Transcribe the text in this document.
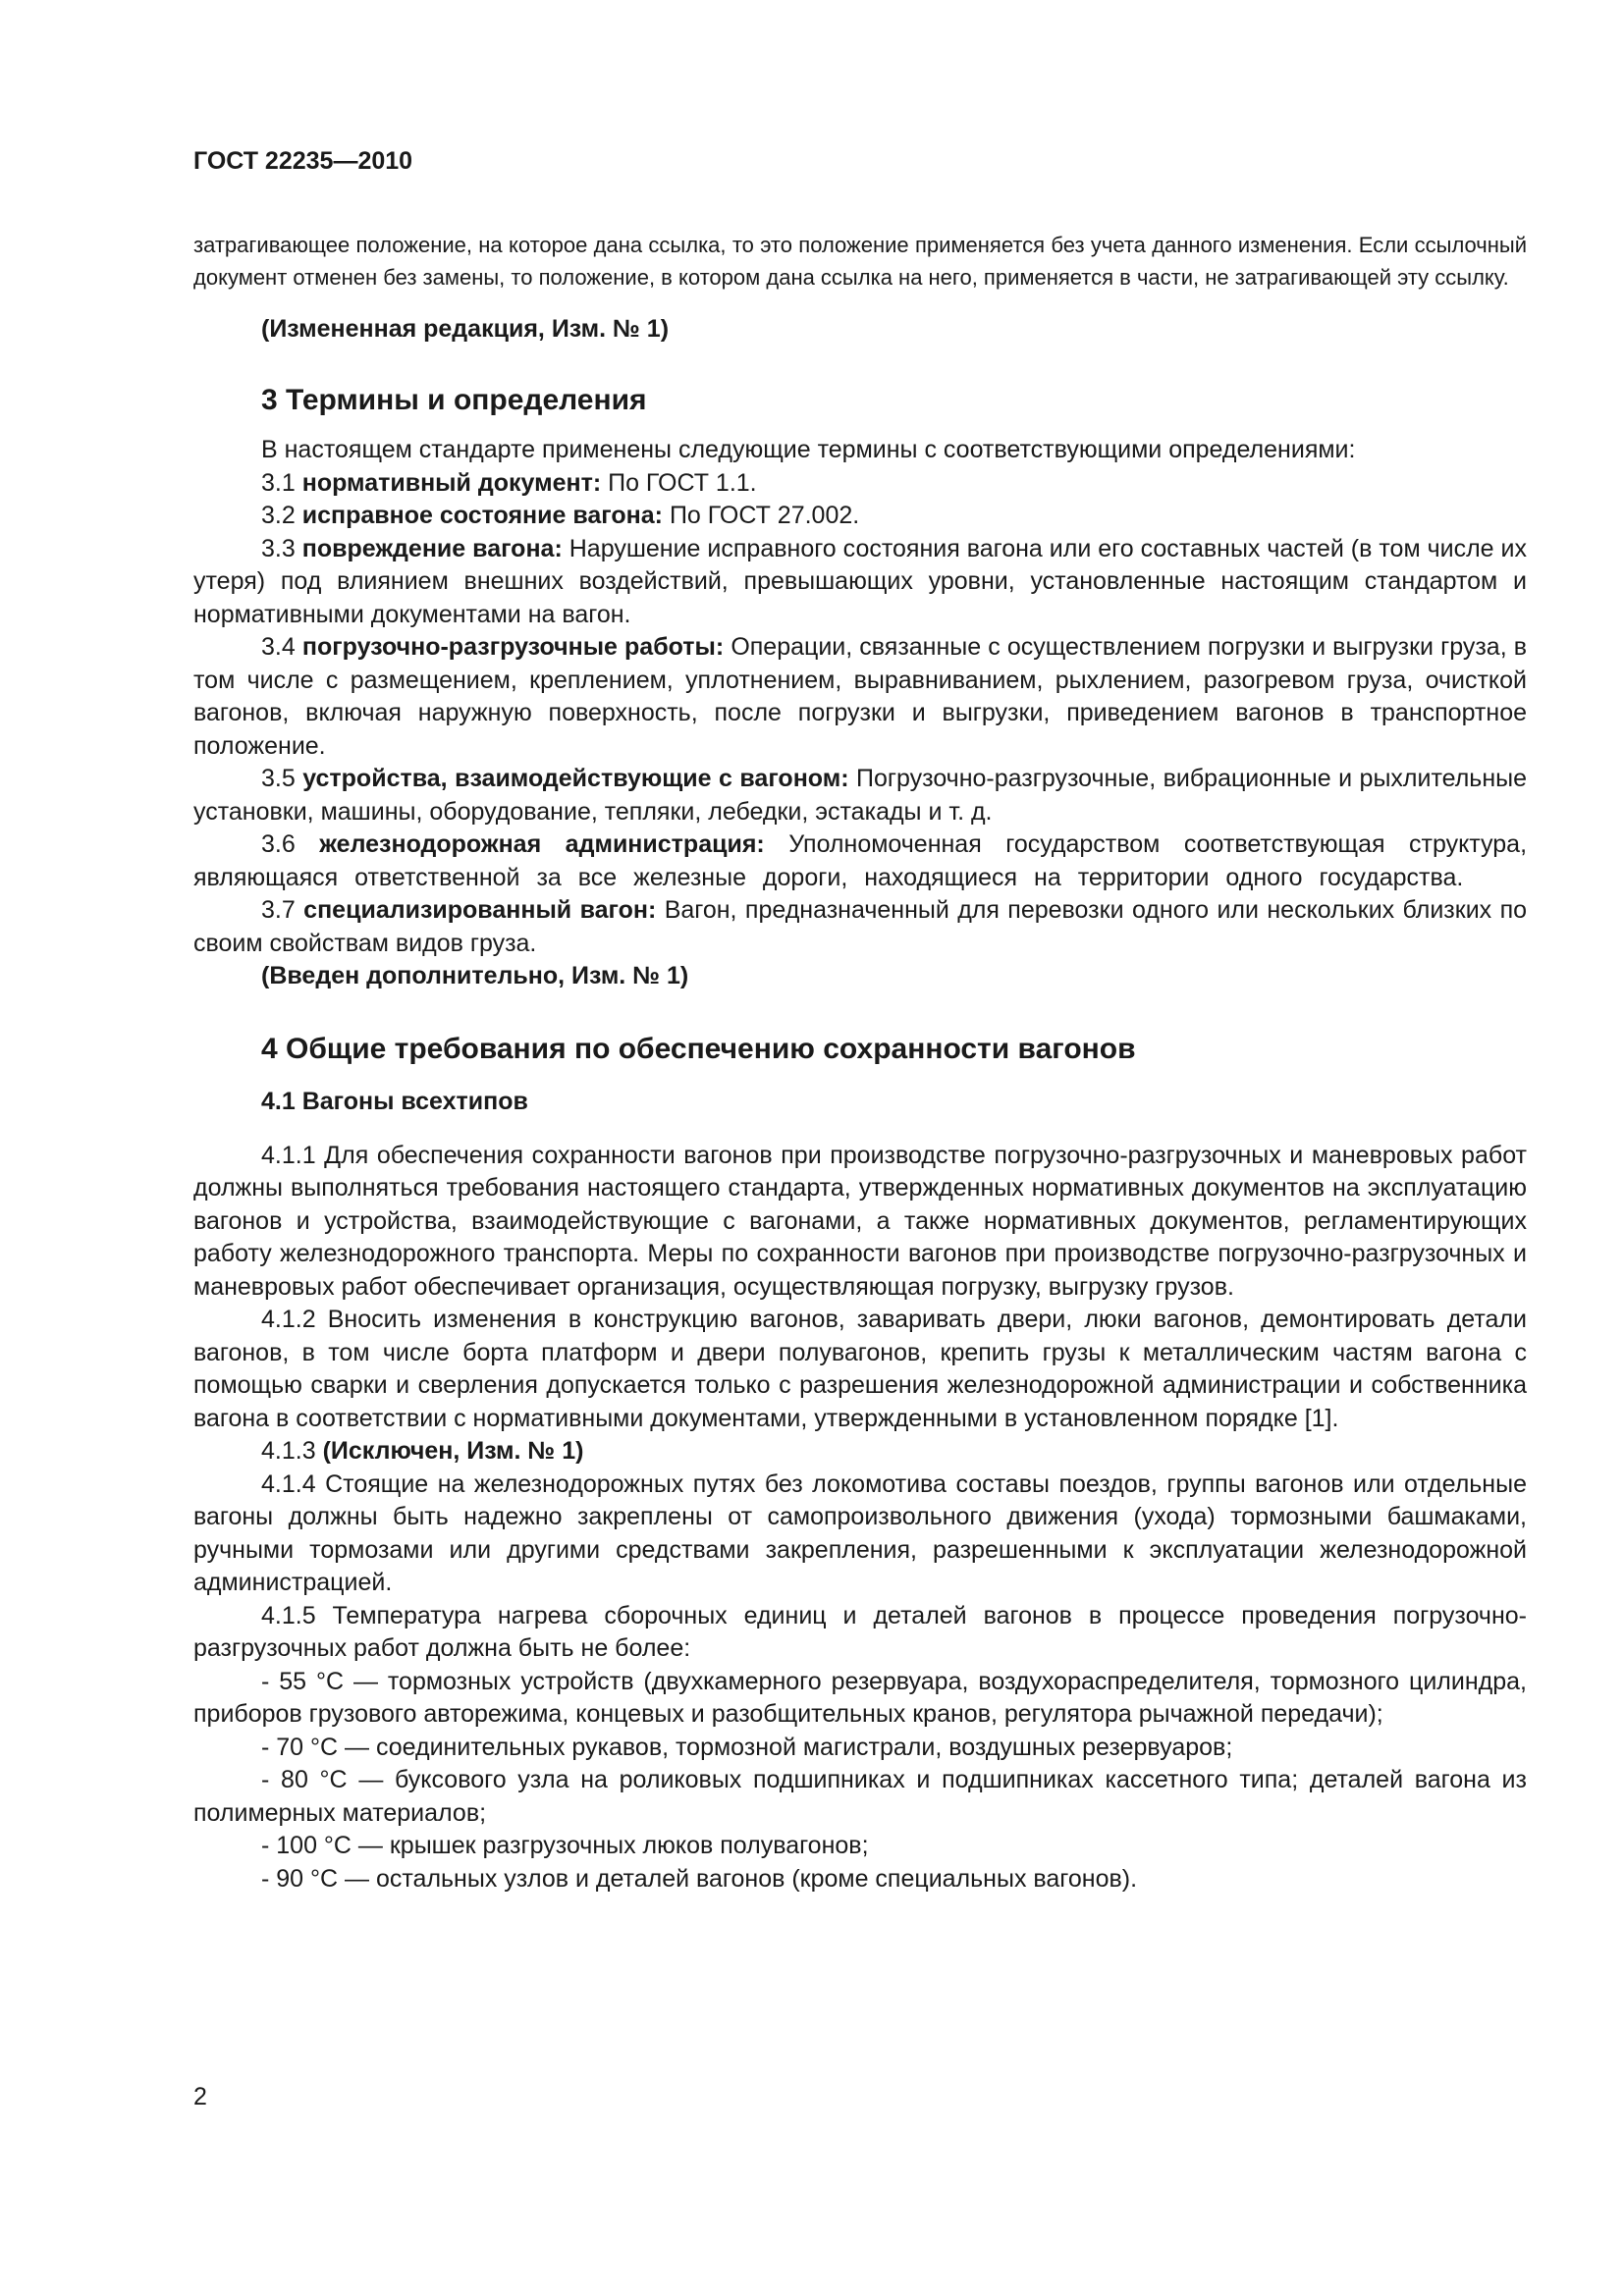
ГОСТ 22235—2010

затрагивающее положение, на которое дана ссылка, то это положение применяется без учета данного изменения. Если ссылочный документ отменен без замены, то положение, в котором дана ссылка на него, применяется в части, не затрагивающей эту ссылку.

(Измененная редакция, Изм. № 1)

3 Термины и определения

В настоящем стандарте применены следующие термины с соответствующими определениями:

3.1 нормативный документ: По ГОСТ 1.1.

3.2 исправное состояние вагона: По ГОСТ 27.002.

3.3 повреждение вагона: Нарушение исправного состояния вагона или его составных частей (в том числе их утеря) под влиянием внешних воздействий, превышающих уровни, установленные настоящим стандартом и нормативными документами на вагон.

3.4 погрузочно-разгрузочные работы: Операции, связанные с осуществлением погрузки и выгрузки груза, в том числе с размещением, креплением, уплотнением, выравниванием, рыхлением, разогревом груза, очисткой вагонов, включая наружную поверхность, после погрузки и выгрузки, приведением вагонов в транспортное положение.

3.5 устройства, взаимодействующие с вагоном: Погрузочно-разгрузочные, вибрационные и рыхлительные установки, машины, оборудование, тепляки, лебедки, эстакады и т. д.

3.6 железнодорожная администрация: Уполномоченная государством соответствующая структура, являющаяся ответственной за все железные дороги, находящиеся на территории одного государства.

3.7 специализированный вагон: Вагон, предназначенный для перевозки одного или нескольких близких по своим свойствам видов груза.

(Введен дополнительно, Изм. № 1)

4 Общие требования по обеспечению сохранности вагонов
4.1 Вагоны всехтипов

4.1.1 Для обеспечения сохранности вагонов при производстве погрузочно-разгрузочных и маневровых работ должны выполняться требования настоящего стандарта, утвержденных нормативных документов на эксплуатацию вагонов и устройства, взаимодействующие с вагонами, а также нормативных документов, регламентирующих работу железнодорожного транспорта. Меры по сохранности вагонов при производстве погрузочно-разгрузочных и маневровых работ обеспечивает организация, осуществляющая погрузку, выгрузку грузов.

4.1.2 Вносить изменения в конструкцию вагонов, заваривать двери, люки вагонов, демонтировать детали вагонов, в том числе борта платформ и двери полувагонов, крепить грузы к металлическим частям вагона с помощью сварки и сверления допускается только с разрешения железнодорожной администрации и собственника вагона в соответствии с нормативными документами, утвержденными в установленном порядке [1].

4.1.3 (Исключен, Изм. № 1)

4.1.4 Стоящие на железнодорожных путях без локомотива составы поездов, группы вагонов или отдельные вагоны должны быть надежно закреплены от самопроизвольного движения (ухода) тормозными башмаками, ручными тормозами или другими средствами закрепления, разрешенными к эксплуатации железнодорожной администрацией.

4.1.5 Температура нагрева сборочных единиц и деталей вагонов в процессе проведения погрузочно-разгрузочных работ должна быть не более:

- 55 °С — тормозных устройств (двухкамерного резервуара, воздухораспределителя, тормозного цилиндра, приборов грузового авторежима, концевых и разобщительных кранов, регулятора рычажной передачи);

- 70 °С — соединительных рукавов, тормозной магистрали, воздушных резервуаров;

- 80 °С — буксового узла на роликовых подшипниках и подшипниках кассетного типа; деталей вагона из полимерных материалов;

- 100 °С — крышек разгрузочных люков полувагонов;

- 90 °С — остальных узлов и деталей вагонов (кроме специальных вагонов).

2
